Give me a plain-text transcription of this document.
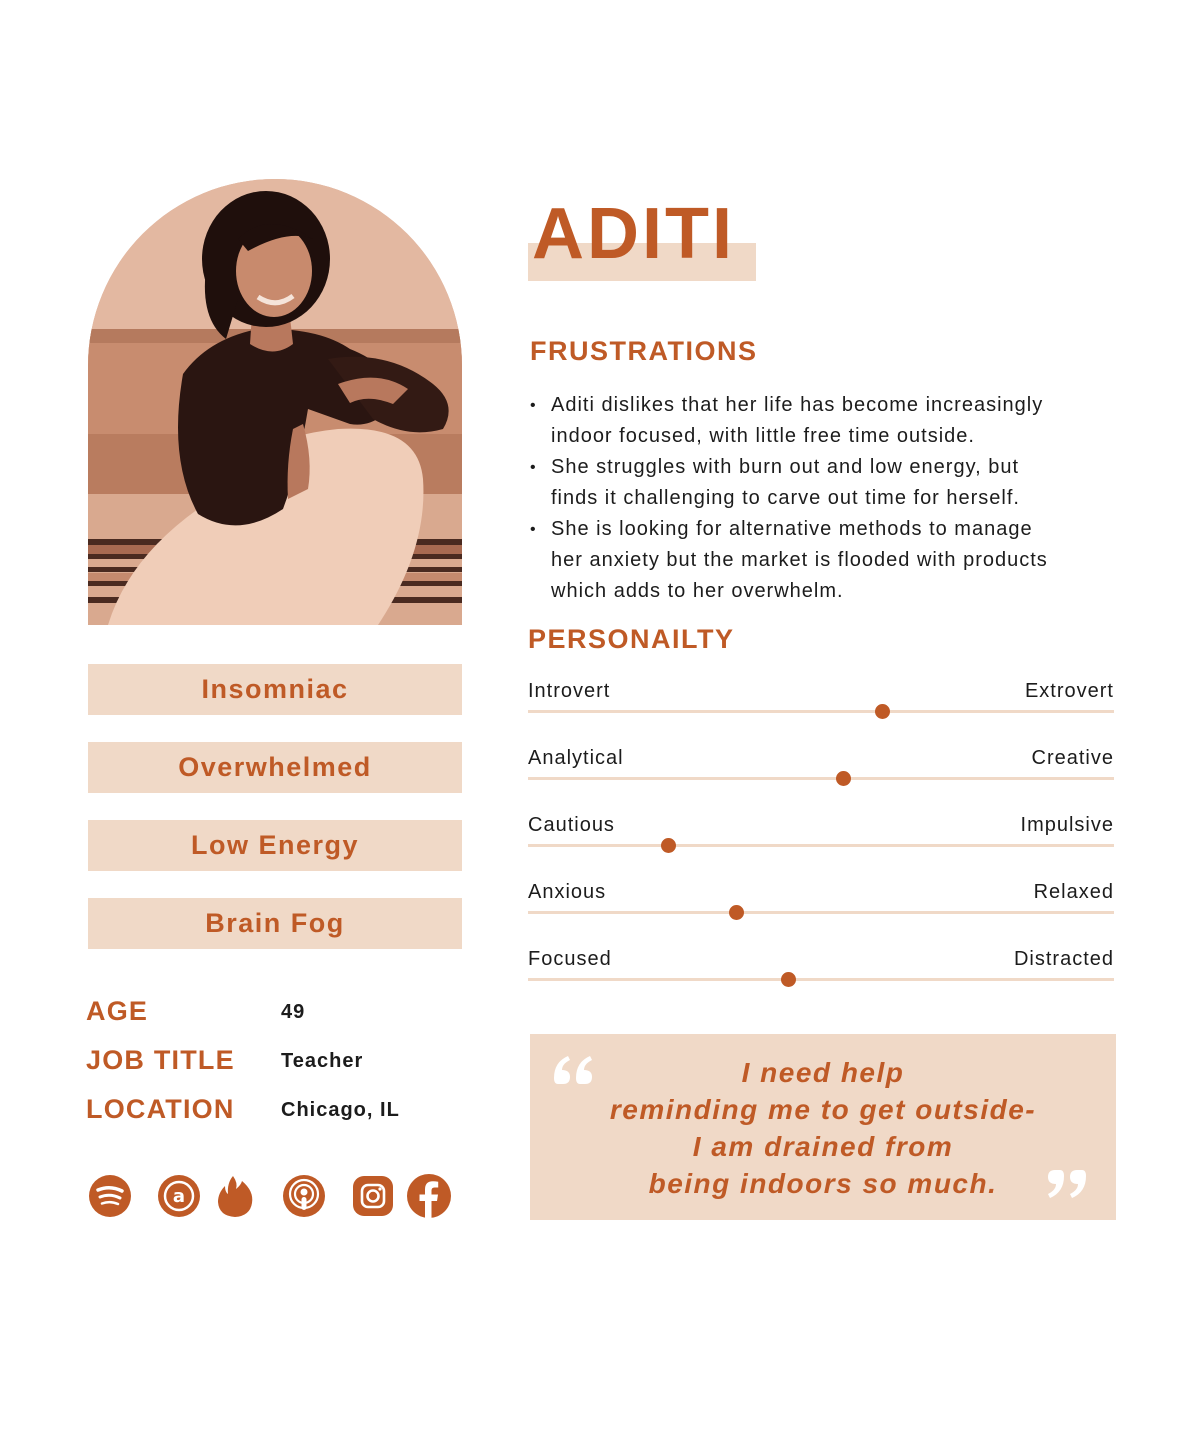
Insomniac
Overwhelmed
Low Energy
Brain Fog
AGE	49
JOB TITLE Teacher
LOCATION Chicago, IL
a
ADITI
FRUSTRATIONS
• Aditi dislikes that her life has become increasingly
indoor focused, with little free time outside.
• She struggles with burn out and low energy, but
finds it challenging to carve out time for herself.
• She is looking for alternative methods to manage
her anxiety but the market is flooded with products
which adds to her overwhelm.
PERSONAILTY
Introvert	Extrovert
Analytical	Creative
Cautious	Impulsive
Anxious	Relaxed
Focused	Distracted
I need help
reminding me to get outside-
I am drained from
being indoors so much.
